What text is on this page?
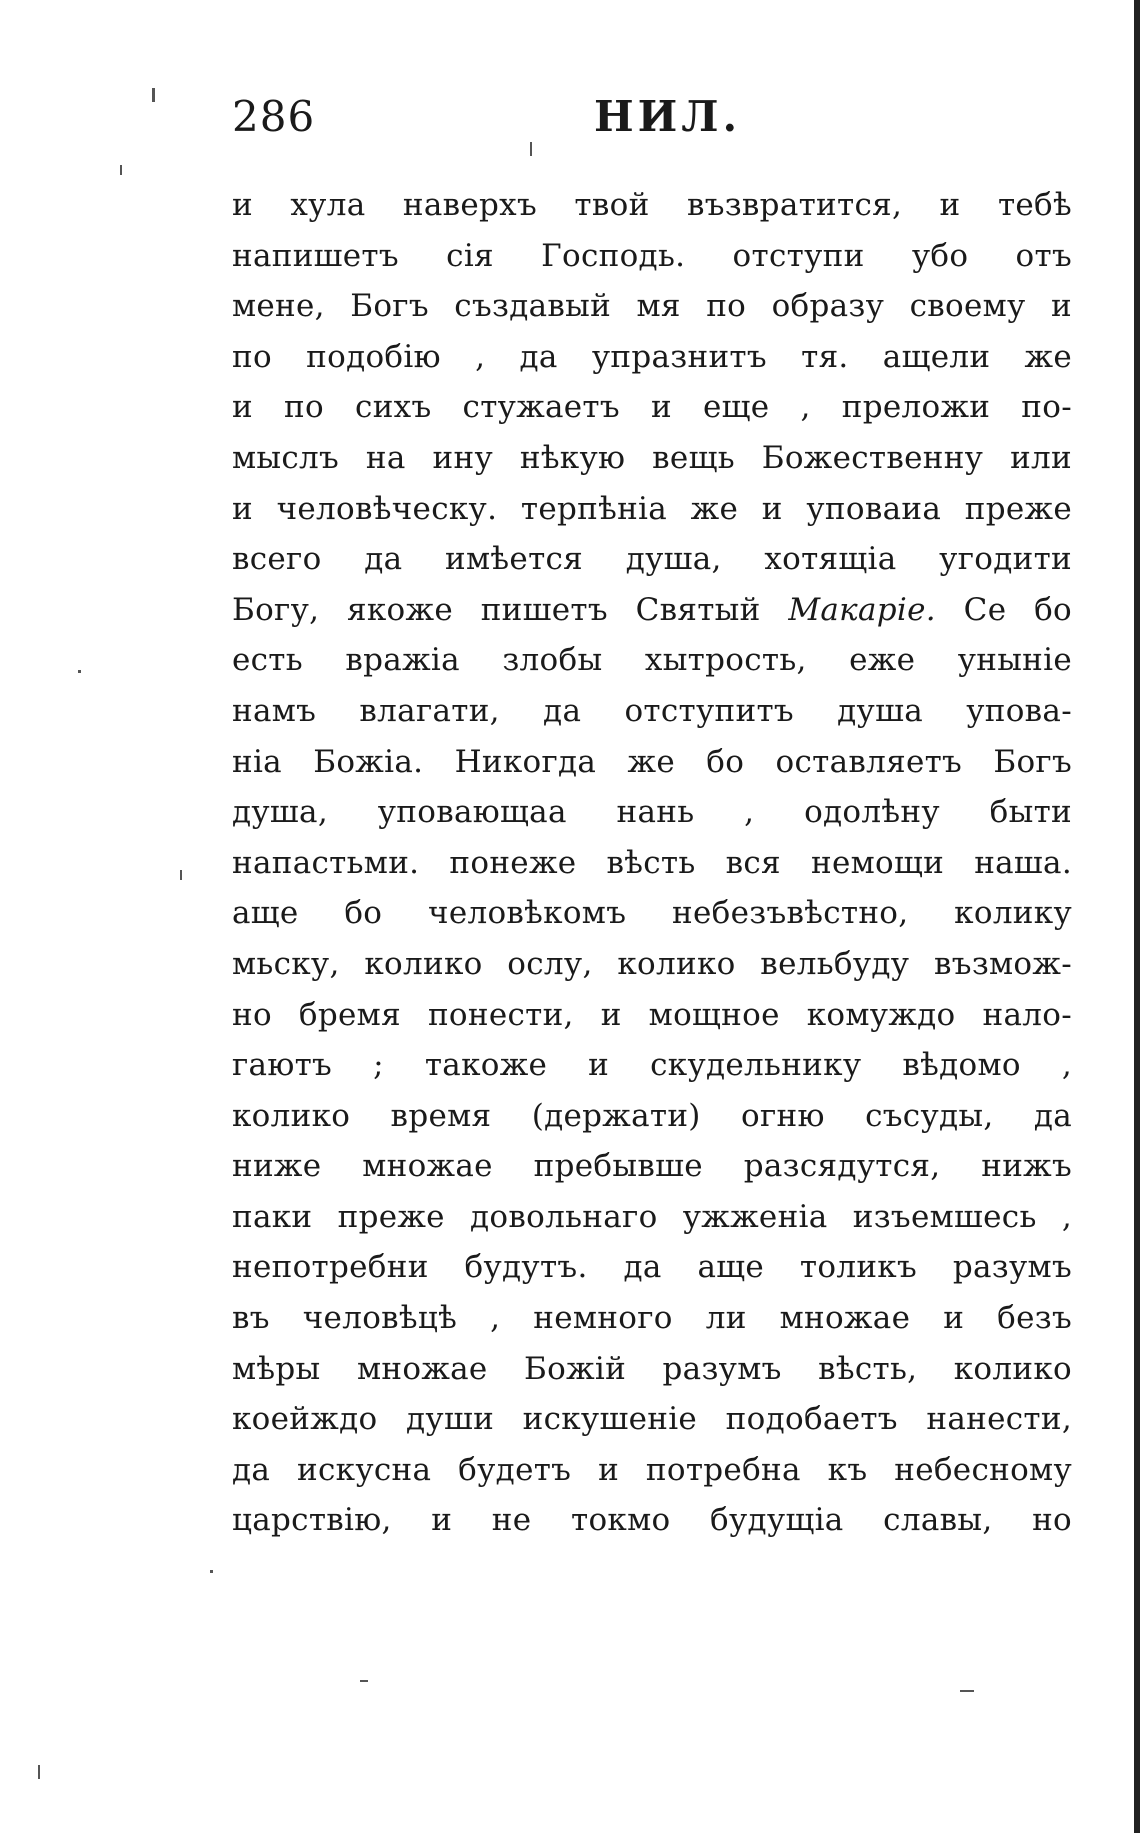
286	НИЛ.
и хула наверхъ твой възвратится, и тебѣ
напишетъ сія Господь. отступи убо отъ
мене, Богъ създавый мя по образу своему и
по подобію , да упразнитъ тя. ащели же
и по сихъ стужаетъ и еще , преложи по-
мыслъ на ину нѣкую вещь Божественну или
и человѣческу. терпѣніа же и уповаиа преже
всего да имѣется душа, хотящіа угодити
Богу, якоже пишетъ Святый Макаріе. Се бо
есть вражіа злобы хытрость, еже уныніе
намъ влагати, да отступитъ душа упова-
ніа Божіа. Никогда же бо оставляетъ Богъ
душа, уповающаа нань , одолѣну быти
напастьми. понеже вѣсть вся немощи наша.
аще бо человѣкомъ небезъвѣстно, колику
мьску, колико ослу, колико вельбуду възмож-
но бремя понести, и мощное комуждо нало-
гаютъ ; такоже и скудельнику вѣдомо ,
колико время (держати) огню съсуды, да
ниже множае пребывше разсядутся, нижъ
паки преже довольнаго ужженіа изъемшесь ,
непотребни будутъ. да аще толикъ разумъ
въ человѣцѣ , немного ли множае и безъ
мѣры множае Божій разумъ вѣсть, колико
коейждо души искушеніе подобаетъ нанести,
да искусна будетъ и потребна къ небесному
царствію, и не токмо будущіа славы, но
